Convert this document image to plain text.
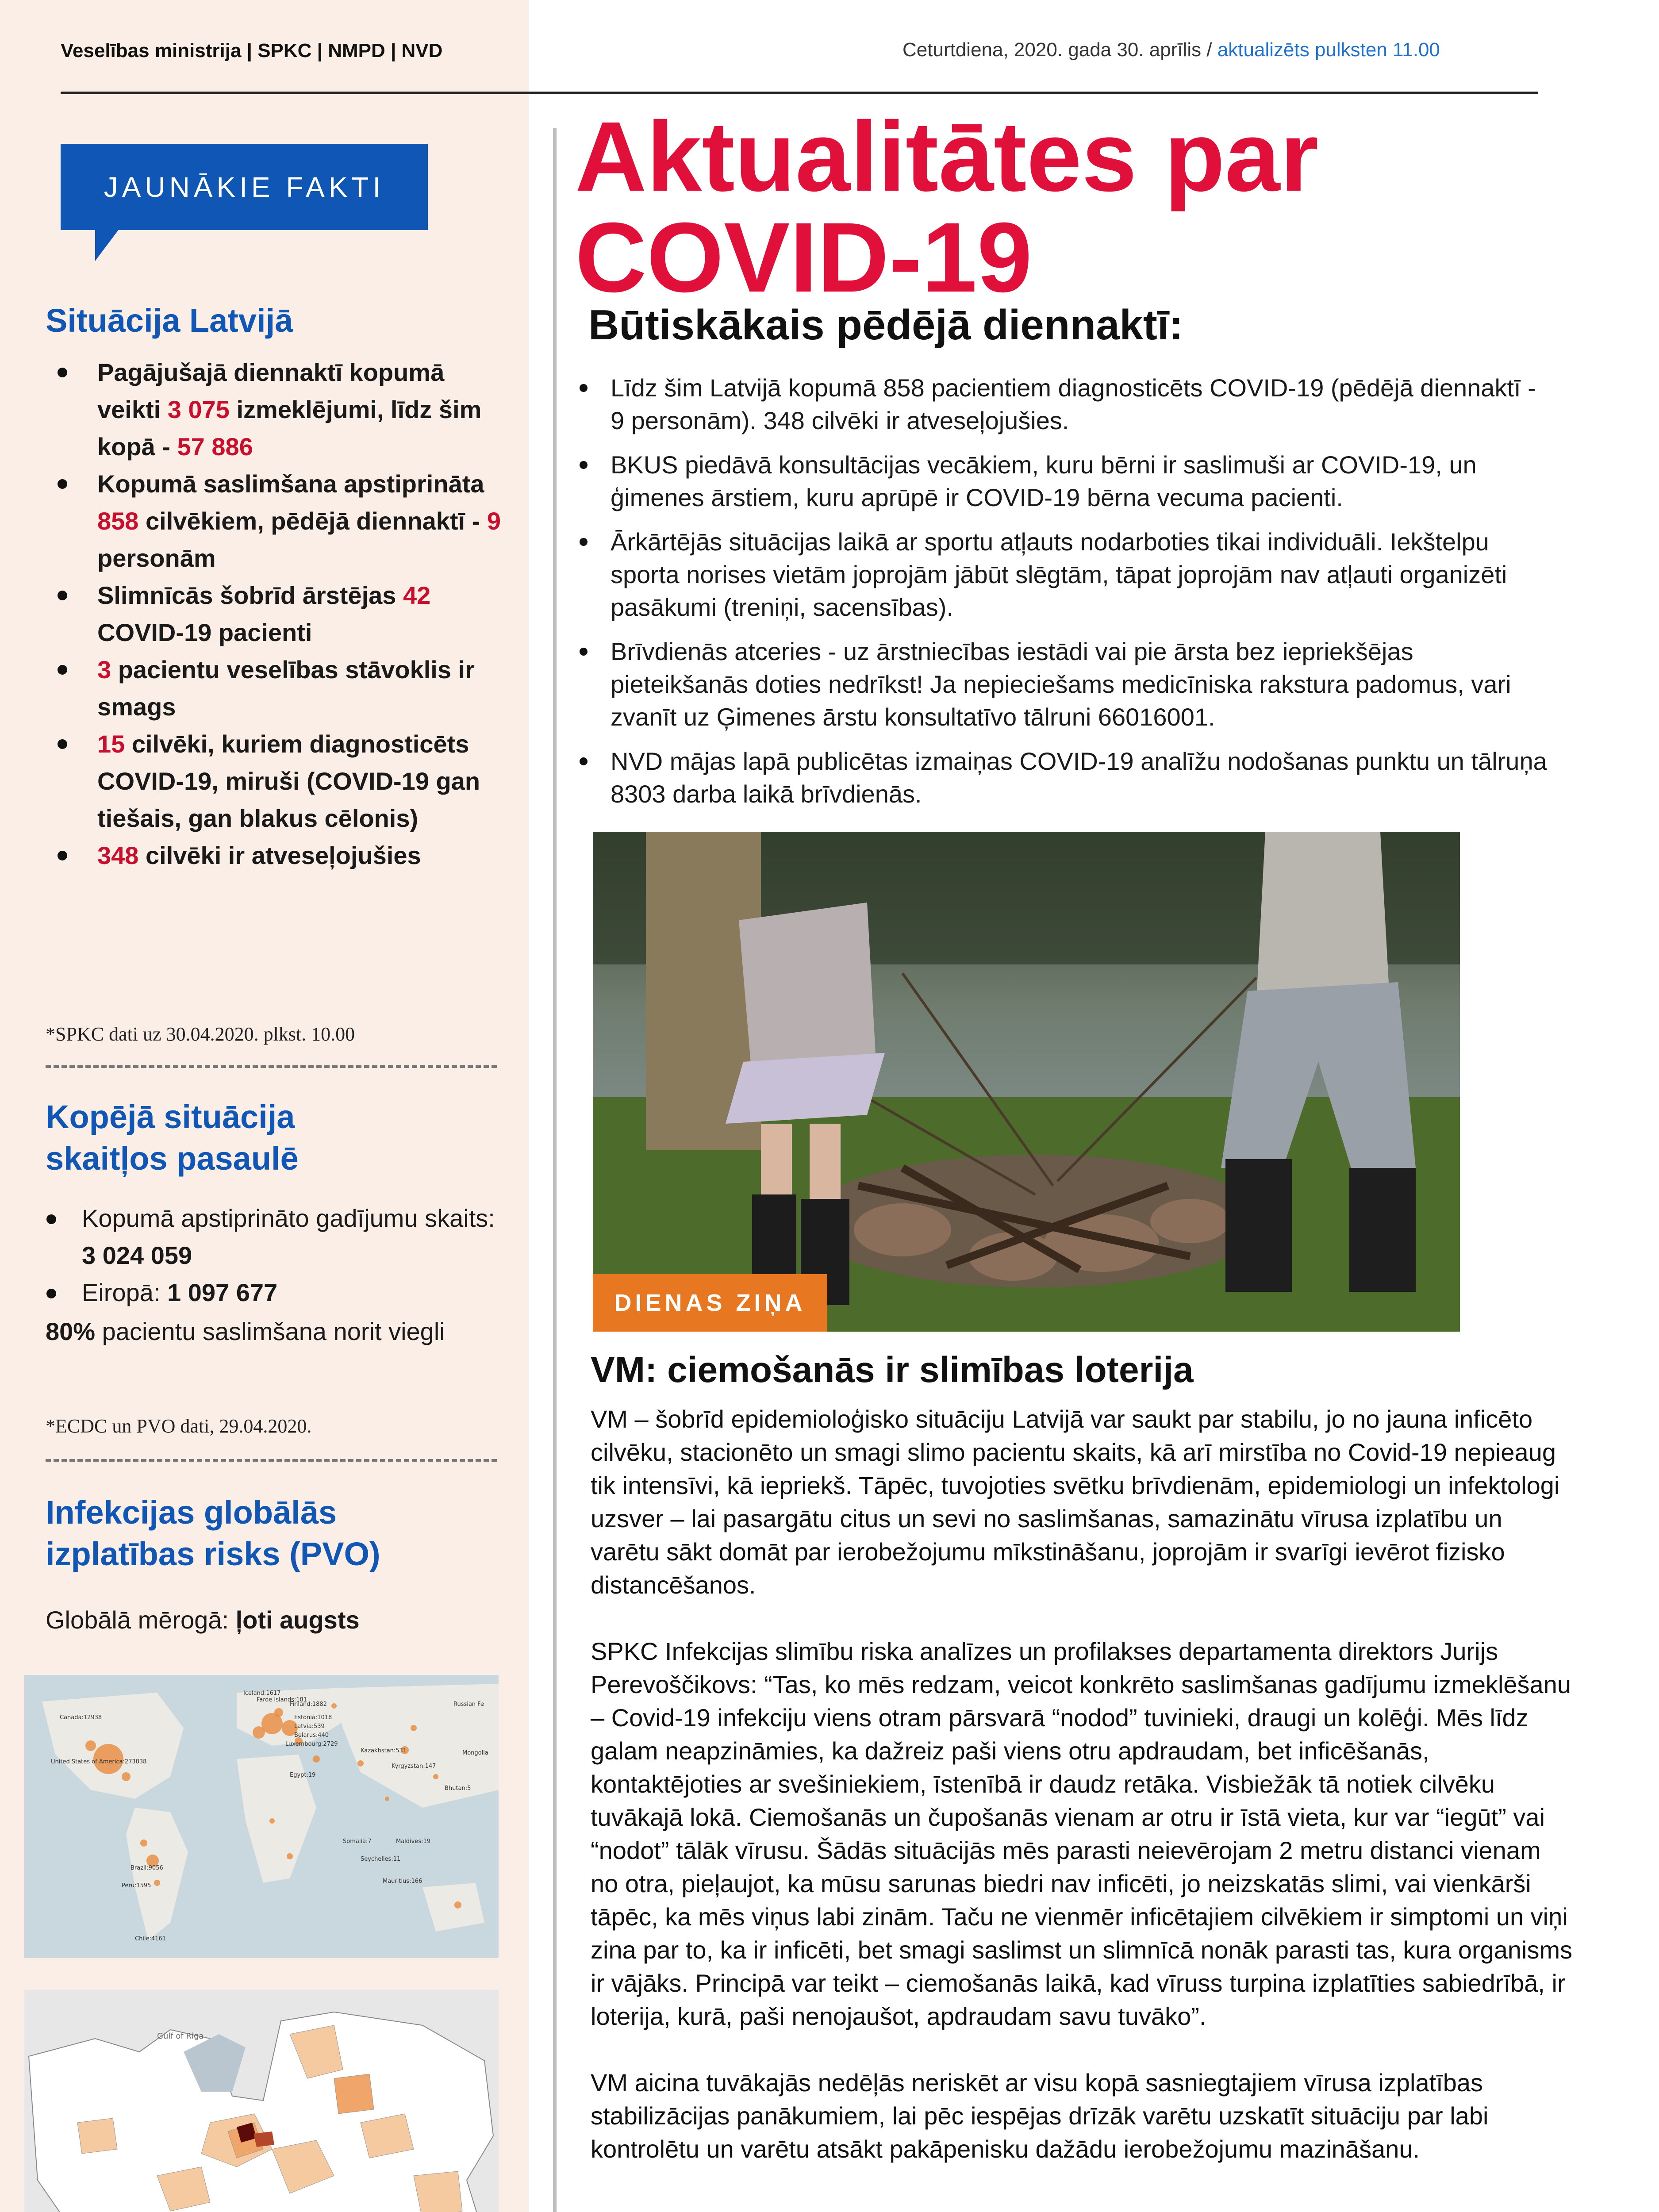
Veselības ministrija | SPKC | NMPD | NVD	Ceturtdiena, 2020. gada 30. aprīlis / aktualizēts pulksten 11.00
JAUNĀKIE FAKTI
Situācija Latvijā
Pagājušajā diennaktī kopumā veikti 3 075 izmeklējumi, līdz šim kopā - 57 886
Kopumā saslimšana apstiprināta 858 cilvēkiem, pēdējā diennaktī - 9 personām
Slimnīcās šobrīd ārstējas 42 COVID-19 pacienti
3 pacientu veselības stāvoklis ir smags
15 cilvēki, kuriem diagnosticēts COVID-19, miruši (COVID-19 gan tiešais, gan blakus cēlonis)
348 cilvēki ir atveseļojušies
*SPKC dati uz 30.04.2020. plkst. 10.00
Kopējā situācija
skaitļos pasaulē
Kopumā apstiprināto gadījumu skaits: 3 024 059
Eiropā: 1 097 677
80% pacientu saslimšana norit viegli
*ECDC un PVO dati, 29.04.2020.
Infekcijas globālās
izplatības risks (PVO)
Globālā mērogā: ļoti augsts
United States of America:273838
Canada:12938
Russian Fe
Finland:1882
Estonia:1018
Latvia:539
Belarus:440
Kazakhstan:531	Mongolia
Brazil:9056
Peru:1595
Chile:4161
Egypt:19
Somalia:7	Maldives:19
Mauritius:166
Seychelles:11
Kyrgyzstan:147
Bhutan:5
Luxembourg:2729
Iceland:1617
Faroe Islands:181
Gulf of Riga
Aktualitātes par
COVID-19
Būtiskākais pēdējā diennaktī:
Līdz šim Latvijā kopumā 858 pacientiem diagnosticēts COVID-19 (pēdējā diennaktī - 9 personām). 348 cilvēki ir atveseļojušies.
BKUS piedāvā konsultācijas vecākiem, kuru bērni ir saslimuši ar COVID-19, un ģimenes ārstiem, kuru aprūpē ir COVID-19 bērna vecuma pacienti.
Ārkārtējās situācijas laikā ar sportu atļauts nodarboties tikai individuāli. Iekštelpu sporta norises vietām joprojām jābūt slēgtām, tāpat joprojām nav atļauti organizēti pasākumi (treniņi, sacensības).
Brīvdienās atceries - uz ārstniecības iestādi vai pie ārsta bez iepriekšējas pieteikšanās doties nedrīkst! Ja nepieciešams medicīniska rakstura padomus, vari zvanīt uz Ģimenes ārstu konsultatīvo tālruni 66016001.
NVD mājas lapā publicētas izmaiņas COVID-19 analīžu nodošanas punktu un tālruņa 8303 darba laikā brīvdienās.
DIENAS ZIŅA
VM: ciemošanās ir slimības loterija

VM – šobrīd epidemioloģisko situāciju Latvijā var saukt par stabilu, jo no jauna inficēto cilvēku, stacionēto un smagi slimo pacientu skaits, kā arī mirstība no Covid-19 nepieaug tik intensīvi, kā iepriekš. Tāpēc, tuvojoties svētku brīvdienām, epidemiologi un infektologi uzsver – lai pasargātu citus un sevi no saslimšanas, samazinātu vīrusa izplatību un varētu sākt domāt par ierobežojumu mīkstināšanu, joprojām ir svarīgi ievērot fizisko distancēšanos.

SPKC Infekcijas slimību riska analīzes un profilakses departamenta direktors Jurijs Perevoščikovs: “Tas, ko mēs redzam, veicot konkrēto saslimšanas gadījumu izmeklēšanu – Covid-19 infekciju viens otram pārsvarā “nodod” tuvinieki, draugi un kolēģi. Mēs līdz galam neapzināmies, ka dažreiz paši viens otru apdraudam, bet inficēšanās, kontaktējoties ar svešiniekiem, īstenībā ir daudz retāka. Visbiežāk tā notiek cilvēku tuvākajā lokā. Ciemošanās un čupošanās vienam ar otru ir īstā vieta, kur var “iegūt” vai “nodot” tālāk vīrusu. Šādās situācijās mēs parasti neievērojam 2 metru distanci vienam no otra, pieļaujot, ka mūsu sarunas biedri nav inficēti, jo neizskatās slimi, vai vienkārši tāpēc, ka mēs viņus labi zinām. Taču ne vienmēr inficētajiem cilvēkiem ir simptomi un viņi zina par to, ka ir inficēti, bet smagi saslimst un slimnīcā nonāk parasti tas, kura organisms ir vājāks. Principā var teikt – ciemošanās laikā, kad vīruss turpina izplatīties sabiedrībā, ir loterija, kurā, paši nenojaušot, apdraudam savu tuvāko”.

VM aicina tuvākajās nedēļās neriskēt ar visu kopā sasniegtajiem vīrusa izplatības stabilizācijas panākumiem, lai pēc iespējas drīzāk varētu uzskatīt situāciju par labi kontrolētu un varētu atsākt pakāpenisku dažādu ierobežojumu mazināšanu.
